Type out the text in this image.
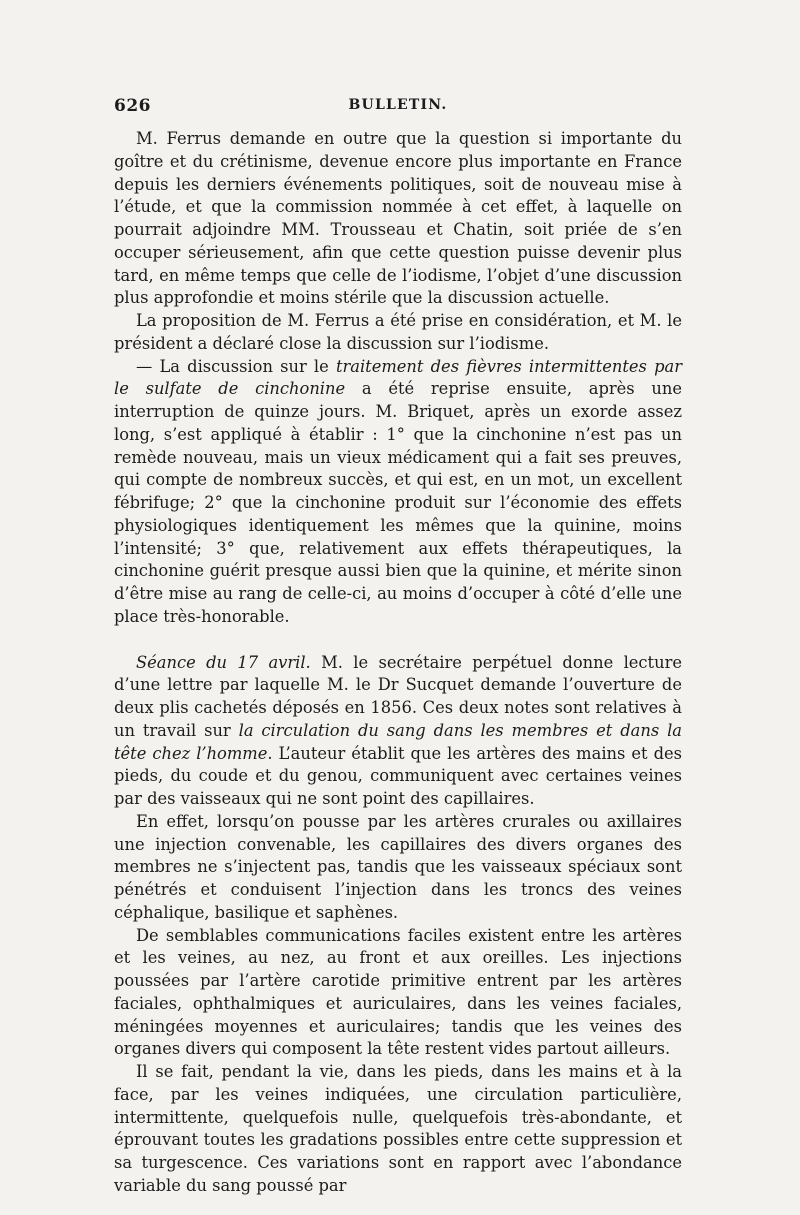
626	BULLETIN.

M. Ferrus demande en outre que la question si importante du goître et du crétinisme, devenue encore plus importante en France depuis les derniers événements politiques, soit de nouveau mise à l’étude, et que la commission nommée à cet effet, à laquelle on pourrait adjoindre MM. Trousseau et Chatin, soit priée de s’en occuper sérieusement, afin que cette question puisse devenir plus tard, en même temps que celle de l’iodisme, l’objet d’une discussion plus approfondie et moins stérile que la discussion actuelle.

La proposition de M. Ferrus a été prise en considération, et M. le président a déclaré close la discussion sur l’iodisme.

— La discussion sur le traitement des fièvres intermittentes par le sulfate de cinchonine a été reprise ensuite, après une interruption de quinze jours. M. Briquet, après un exorde assez long, s’est appliqué à établir : 1° que la cinchonine n’est pas un remède nouveau, mais un vieux médicament qui a fait ses preuves, qui compte de nombreux succès, et qui est, en un mot, un excellent fébrifuge; 2° que la cinchonine produit sur l’économie des effets physiologiques identiquement les mêmes que la quinine, moins l’intensité; 3° que, relativement aux effets thérapeutiques, la cinchonine guérit presque aussi bien que la quinine, et mérite sinon d’être mise au rang de celle-ci, au moins d’occuper à côté d’elle une place très-honorable.

Séance du 17 avril. M. le secrétaire perpétuel donne lecture d’une lettre par laquelle M. le Dr Sucquet demande l’ouverture de deux plis cachetés déposés en 1856. Ces deux notes sont relatives à un travail sur la circulation du sang dans les membres et dans la tête chez l’homme. L’auteur établit que les artères des mains et des pieds, du coude et du genou, communiquent avec certaines veines par des vaisseaux qui ne sont point des capillaires.

En effet, lorsqu’on pousse par les artères crurales ou axillaires une injection convenable, les capillaires des divers organes des membres ne s’injectent pas, tandis que les vaisseaux spéciaux sont pénétrés et conduisent l’injection dans les troncs des veines céphalique, basilique et saphènes.

De semblables communications faciles existent entre les artères et les veines, au nez, au front et aux oreilles. Les injections poussées par l’artère carotide primitive entrent par les artères faciales, ophthalmiques et auriculaires, dans les veines faciales, méningées moyennes et auriculaires; tandis que les veines des organes divers qui composent la tête restent vides partout ailleurs.

Il se fait, pendant la vie, dans les pieds, dans les mains et à la face, par les veines indiquées, une circulation particulière, intermittente, quelquefois nulle, quelquefois très-abondante, et éprouvant toutes les gradations possibles entre cette suppression et sa turgescence. Ces variations sont en rapport avec l’abondance variable du sang poussé par
